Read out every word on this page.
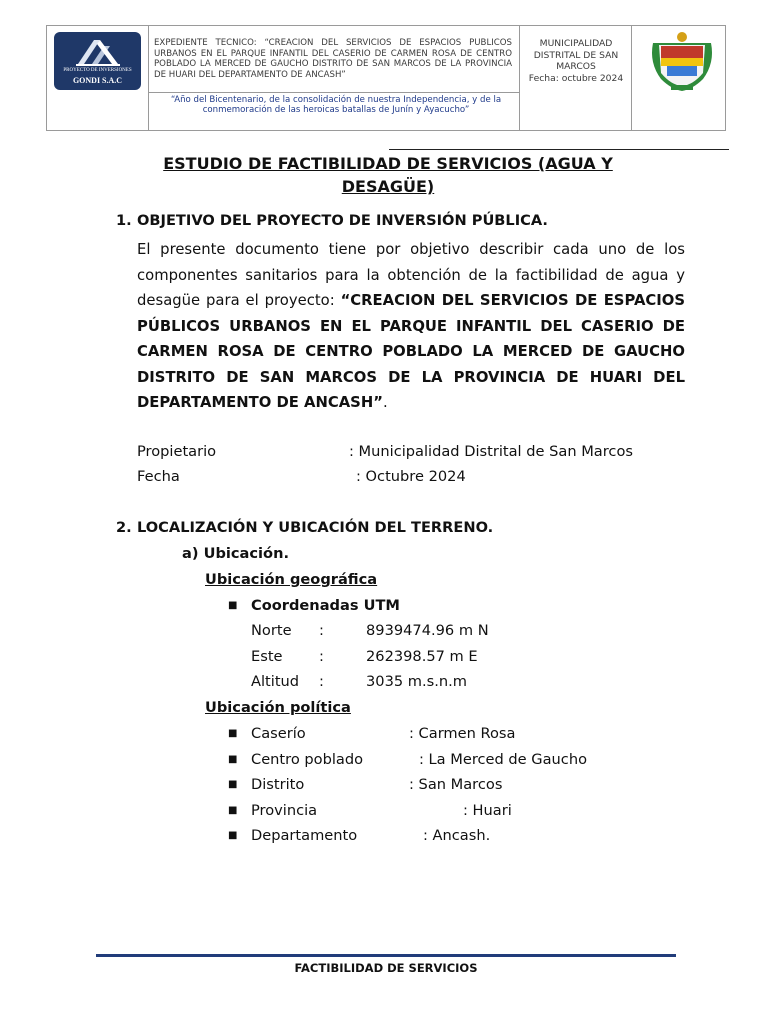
PROYECTO DE INVERSIONES
GONDI S.A.C
EXPEDIENTE TECNICO: “CREACION DEL SERVICIOS DE ESPACIOS PUBLICOS URBANOS EN EL PARQUE INFANTIL DEL CASERIO DE CARMEN ROSA DE CENTRO POBLADO LA MERCED DE GAUCHO DISTRITO DE SAN MARCOS DE LA PROVINCIA DE HUARI DEL DEPARTAMENTO DE ANCASH”
“Año del Bicentenario, de la consolidación de nuestra Independencia, y de la conmemoración de las heroicas batallas de Junín y Ayacucho”
MUNICIPALIDAD DISTRITAL DE SAN MARCOS
Fecha: octubre 2024
ESTUDIO DE FACTIBILIDAD DE SERVICIOS (AGUA Y DESAGÜE)
1. OBJETIVO DEL PROYECTO DE INVERSIÓN PÚBLICA.
El presente documento tiene por objetivo describir cada uno de los componentes sanitarios para la obtención de la factibilidad de agua y desagüe para el proyecto: “CREACION DEL SERVICIOS DE ESPACIOS PÚBLICOS URBANOS EN EL PARQUE INFANTIL DEL CASERIO DE CARMEN ROSA DE CENTRO POBLADO LA MERCED DE GAUCHO DISTRITO DE SAN MARCOS DE LA PROVINCIA DE HUARI DEL DEPARTAMENTO DE ANCASH”.
Propietario	: Municipalidad Distrital de San Marcos
Fecha	: Octubre 2024
2. LOCALIZACIÓN Y UBICACIÓN DEL TERRENO.
a) Ubicación.
Ubicación geográfica
■ Coordenadas UTM
Norte :	8939474.96 m N
Este :	262398.57 m E
Altitud :	3035 m.s.n.m
Ubicación política
■ Caserío	: Carmen Rosa
■ Centro poblado	: La Merced de Gaucho
■ Distrito	: San Marcos
■ Provincia	: Huari
■ Departamento	: Ancash.
FACTIBILIDAD DE SERVICIOS
